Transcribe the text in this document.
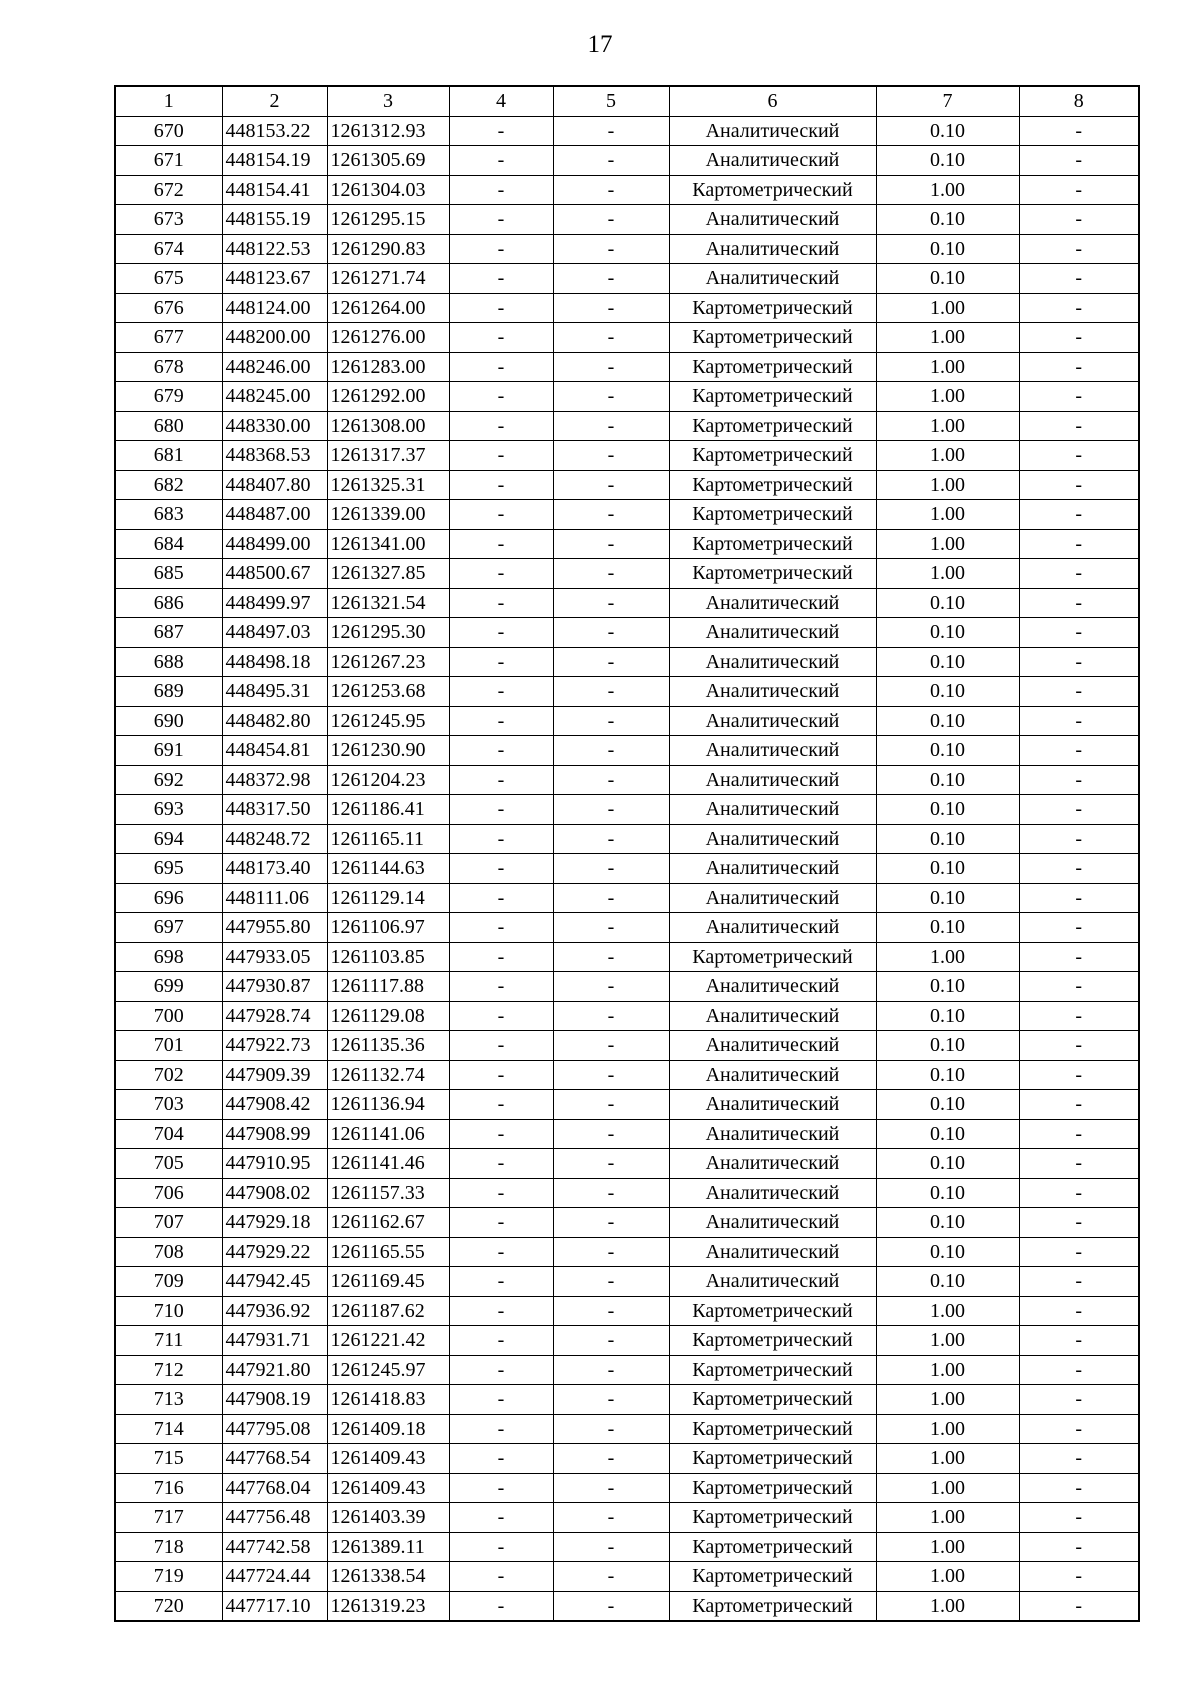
17
1	2	3	4	5	6	7	8
670	448153.22	1261312.93	-	-	Аналитический	0.10	-
671	448154.19	1261305.69	-	-	Аналитический	0.10	-
672	448154.41	1261304.03	-	-	Картометрический	1.00	-
673	448155.19	1261295.15	-	-	Аналитический	0.10	-
674	448122.53	1261290.83	-	-	Аналитический	0.10	-
675	448123.67	1261271.74	-	-	Аналитический	0.10	-
676	448124.00	1261264.00	-	-	Картометрический	1.00	-
677	448200.00	1261276.00	-	-	Картометрический	1.00	-
678	448246.00	1261283.00	-	-	Картометрический	1.00	-
679	448245.00	1261292.00	-	-	Картометрический	1.00	-
680	448330.00	1261308.00	-	-	Картометрический	1.00	-
681	448368.53	1261317.37	-	-	Картометрический	1.00	-
682	448407.80	1261325.31	-	-	Картометрический	1.00	-
683	448487.00	1261339.00	-	-	Картометрический	1.00	-
684	448499.00	1261341.00	-	-	Картометрический	1.00	-
685	448500.67	1261327.85	-	-	Картометрический	1.00	-
686	448499.97	1261321.54	-	-	Аналитический	0.10	-
687	448497.03	1261295.30	-	-	Аналитический	0.10	-
688	448498.18	1261267.23	-	-	Аналитический	0.10	-
689	448495.31	1261253.68	-	-	Аналитический	0.10	-
690	448482.80	1261245.95	-	-	Аналитический	0.10	-
691	448454.81	1261230.90	-	-	Аналитический	0.10	-
692	448372.98	1261204.23	-	-	Аналитический	0.10	-
693	448317.50	1261186.41	-	-	Аналитический	0.10	-
694	448248.72	1261165.11	-	-	Аналитический	0.10	-
695	448173.40	1261144.63	-	-	Аналитический	0.10	-
696	448111.06	1261129.14	-	-	Аналитический	0.10	-
697	447955.80	1261106.97	-	-	Аналитический	0.10	-
698	447933.05	1261103.85	-	-	Картометрический	1.00	-
699	447930.87	1261117.88	-	-	Аналитический	0.10	-
700	447928.74	1261129.08	-	-	Аналитический	0.10	-
701	447922.73	1261135.36	-	-	Аналитический	0.10	-
702	447909.39	1261132.74	-	-	Аналитический	0.10	-
703	447908.42	1261136.94	-	-	Аналитический	0.10	-
704	447908.99	1261141.06	-	-	Аналитический	0.10	-
705	447910.95	1261141.46	-	-	Аналитический	0.10	-
706	447908.02	1261157.33	-	-	Аналитический	0.10	-
707	447929.18	1261162.67	-	-	Аналитический	0.10	-
708	447929.22	1261165.55	-	-	Аналитический	0.10	-
709	447942.45	1261169.45	-	-	Аналитический	0.10	-
710	447936.92	1261187.62	-	-	Картометрический	1.00	-
711	447931.71	1261221.42	-	-	Картометрический	1.00	-
712	447921.80	1261245.97	-	-	Картометрический	1.00	-
713	447908.19	1261418.83	-	-	Картометрический	1.00	-
714	447795.08	1261409.18	-	-	Картометрический	1.00	-
715	447768.54	1261409.43	-	-	Картометрический	1.00	-
716	447768.04	1261409.43	-	-	Картометрический	1.00	-
717	447756.48	1261403.39	-	-	Картометрический	1.00	-
718	447742.58	1261389.11	-	-	Картометрический	1.00	-
719	447724.44	1261338.54	-	-	Картометрический	1.00	-
720	447717.10	1261319.23	-	-	Картометрический	1.00	-
